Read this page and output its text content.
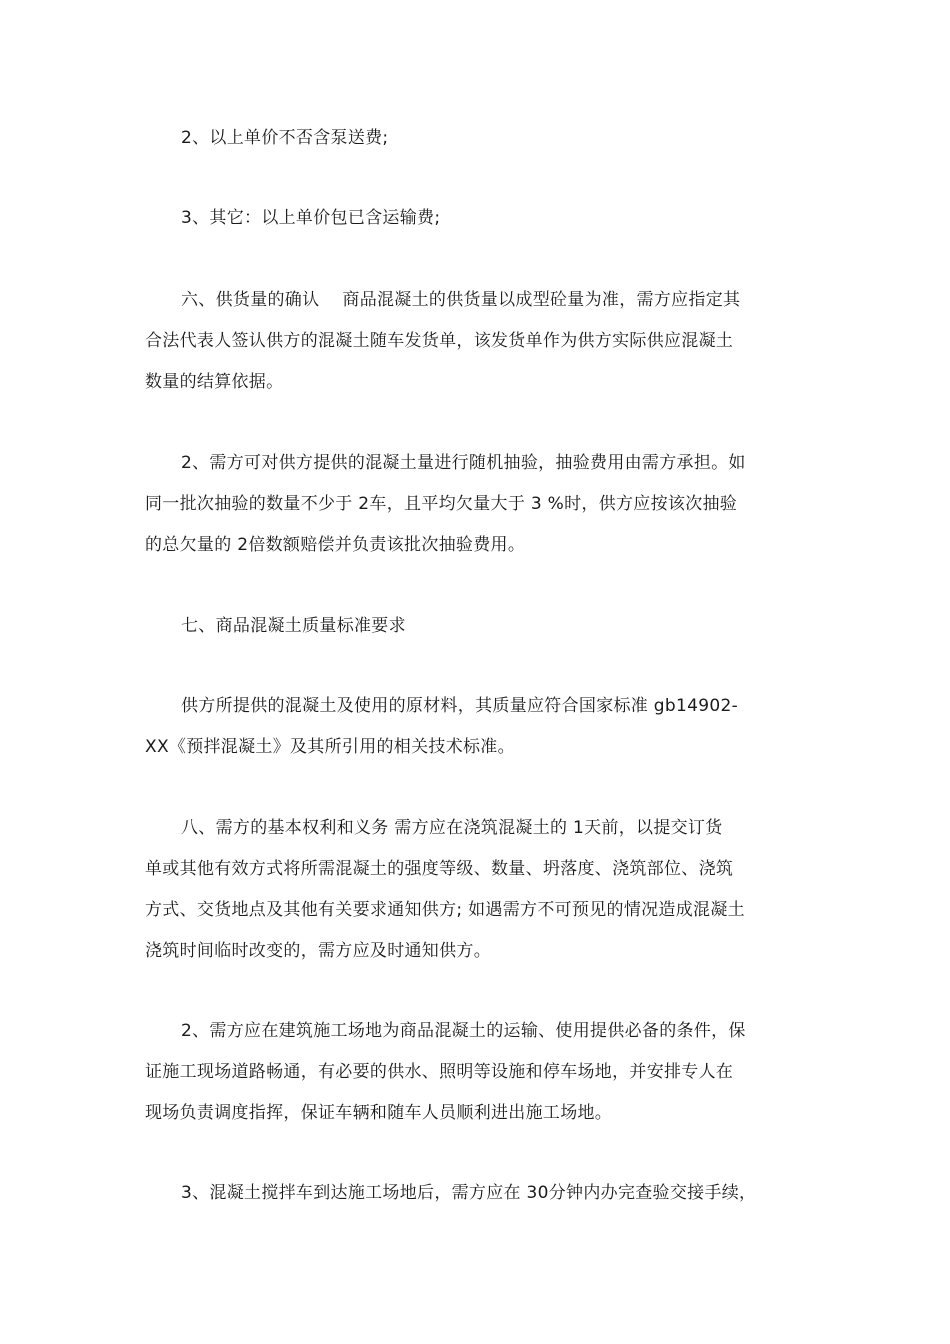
2、以上单价不否含泵送费;

3、其它：以上单价包已含运输费;

六、供货量的确认　 商品混凝土的供货量以成型砼量为准，需方应指定其
合法代表人签认供方的混凝土随车发货单，该发货单作为供方实际供应混凝土
数量的结算依据。

2、需方可对供方提供的混凝土量进行随机抽验，抽验费用由需方承担。如
同一批次抽验的数量不少于 2车，且平均欠量大于 3 %时，供方应按该次抽验
的总欠量的 2倍数额赔偿并负责该批次抽验费用。

七、商品混凝土质量标准要求

供方所提供的混凝土及使用的原材料，其质量应符合国家标准 gb14902-
XX《预拌混凝土》及其所引用的相关技术标准。

八、需方的基本权利和义务 需方应在浇筑混凝土的 1天前，以提交订货
单或其他有效方式将所需混凝土的强度等级、数量、坍落度、浇筑部位、浇筑
方式、交货地点及其他有关要求通知供方; 如遇需方不可预见的情况造成混凝土
浇筑时间临时改变的，需方应及时通知供方。

2、需方应在建筑施工场地为商品混凝土的运输、使用提供必备的条件，保
证施工现场道路畅通，有必要的供水、照明等设施和停车场地，并安排专人在
现场负责调度指挥，保证车辆和随车人员顺利进出施工场地。

3、混凝土搅拌车到达施工场地后，需方应在 30分钟内办完查验交接手续，
